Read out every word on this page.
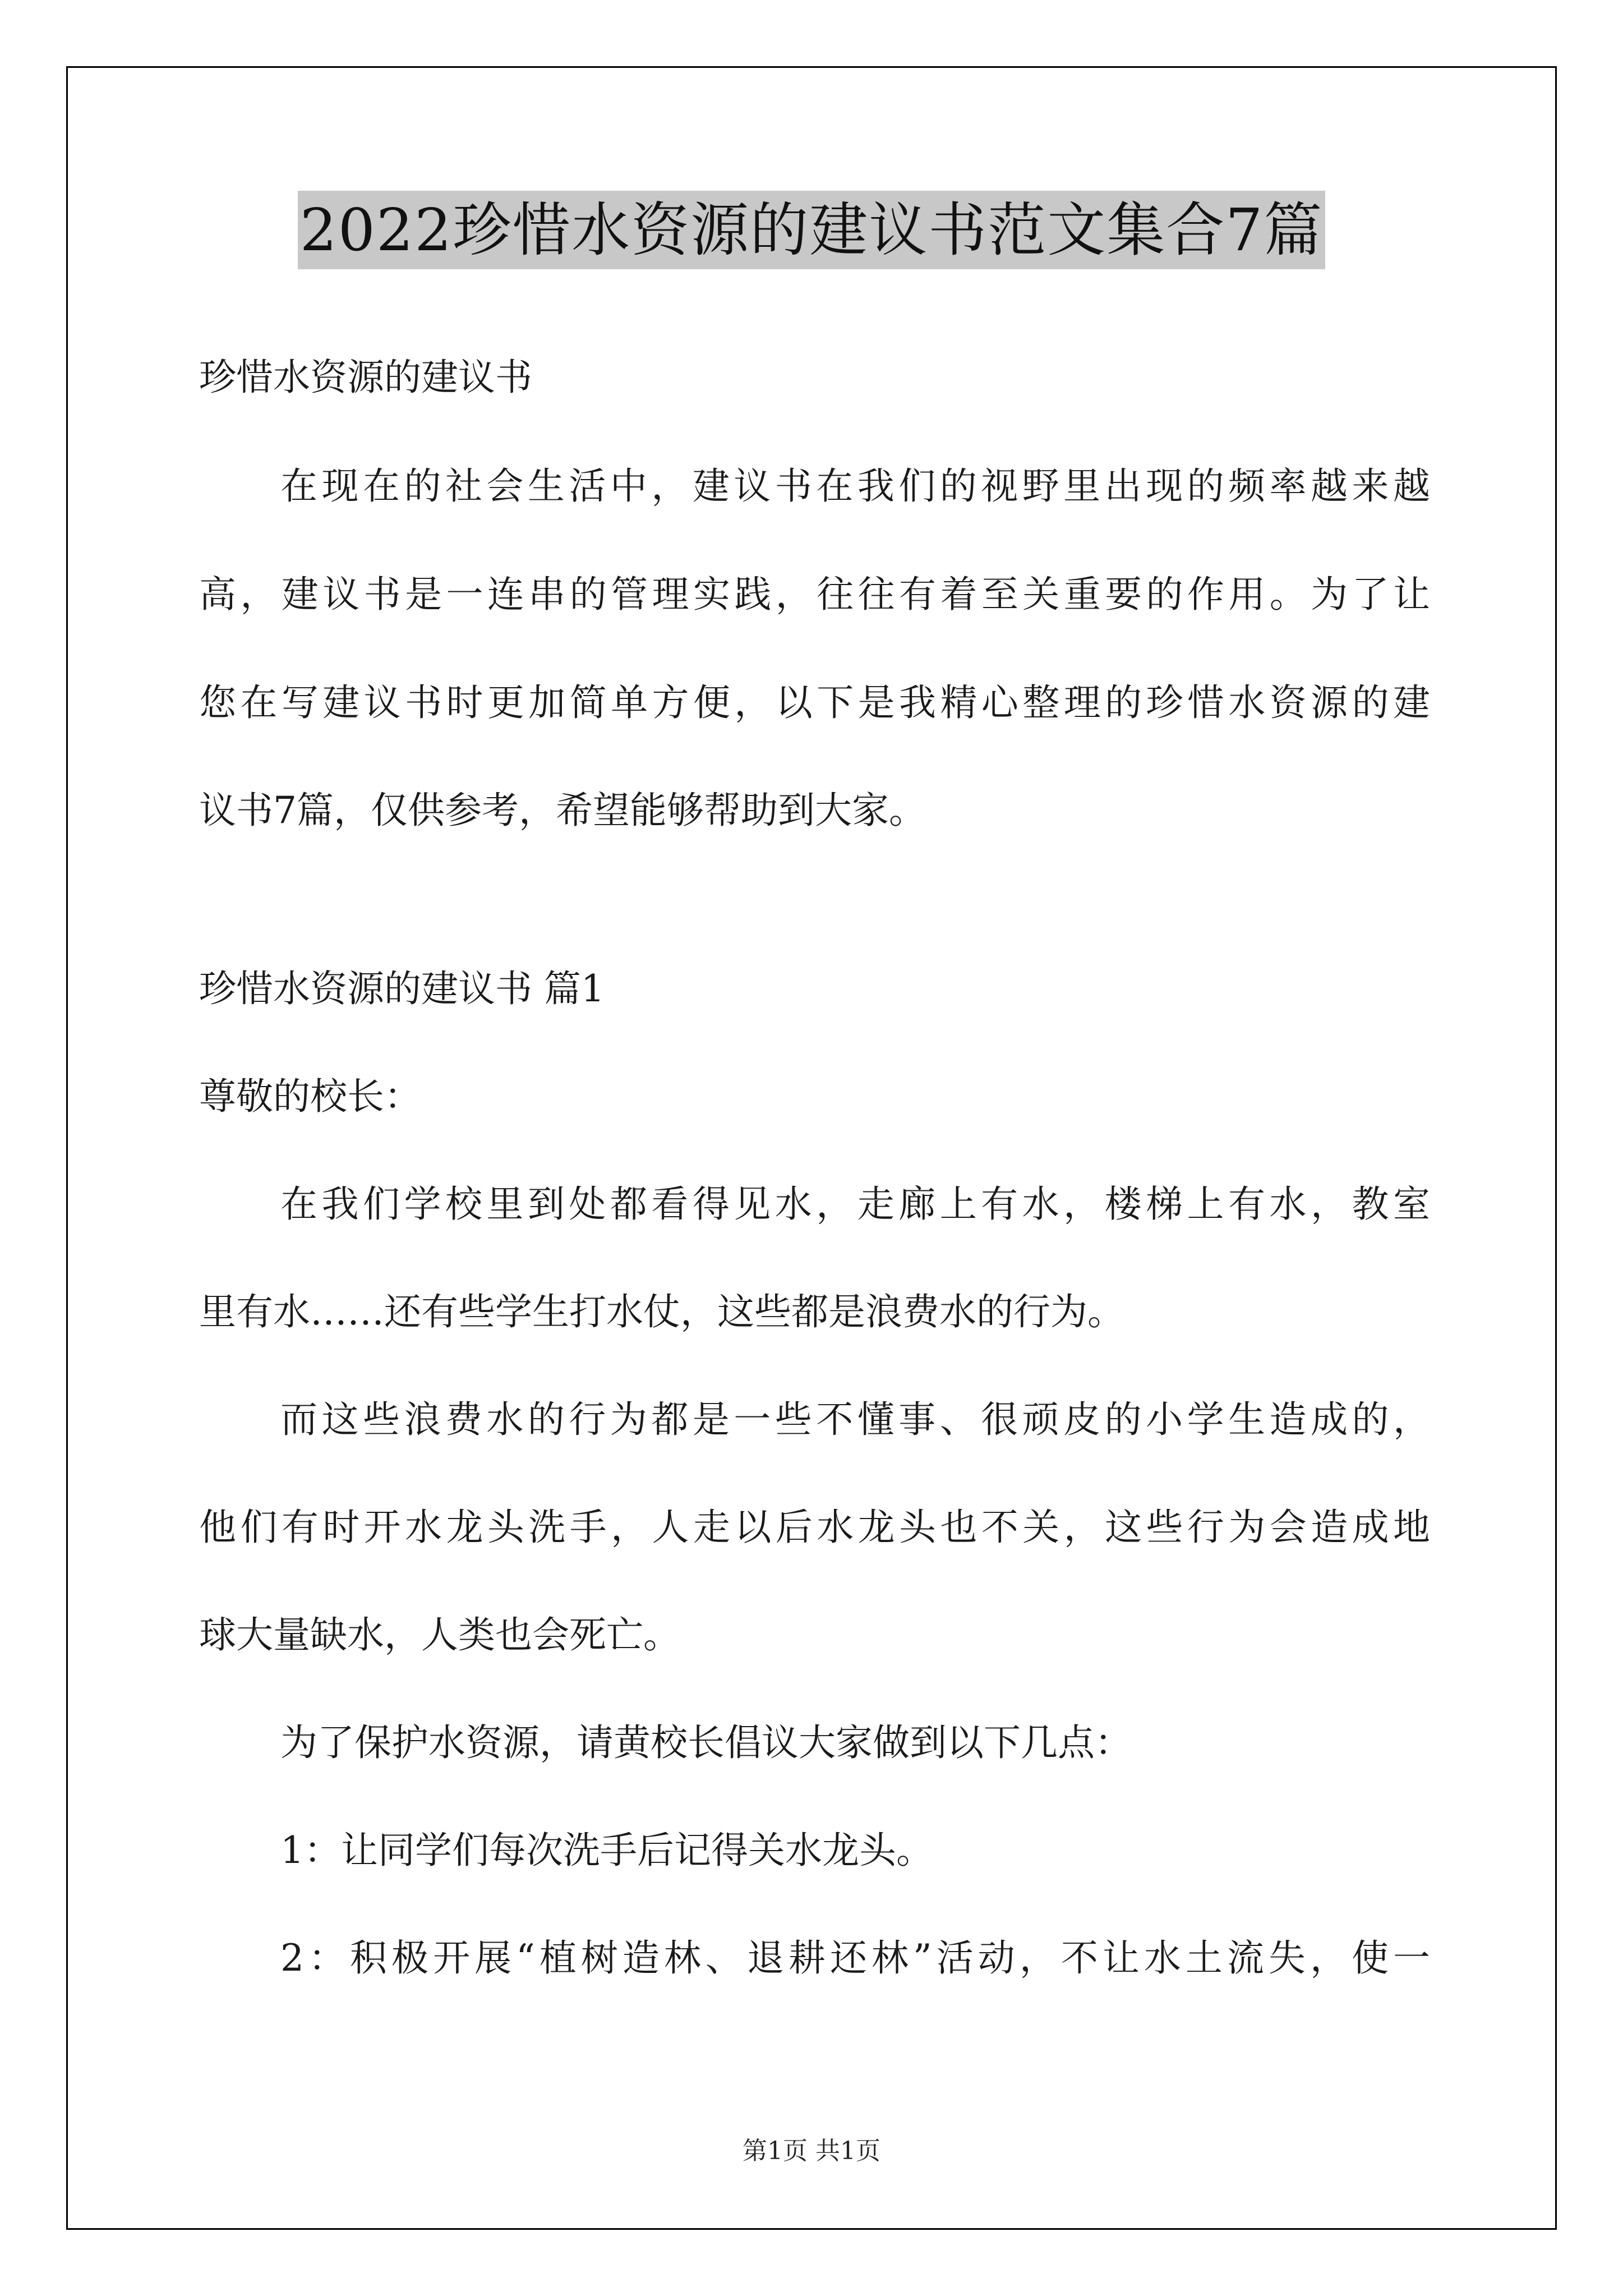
2022珍惜水资源的建议书范文集合7篇
珍惜水资源的建议书
在现在的社会生活中，建议书在我们的视野里出现的频率越来越
高，建议书是一连串的管理实践，往往有着至关重要的作用。为了让
您在写建议书时更加简单方便，以下是我精心整理的珍惜水资源的建
议书7篇，仅供参考，希望能够帮助到大家。
珍惜水资源的建议书 篇1
尊敬的校长：
在我们学校里到处都看得见水，走廊上有水，楼梯上有水，教室
里有水……还有些学生打水仗，这些都是浪费水的行为。
而这些浪费水的行为都是一些不懂事、很顽皮的小学生造成的，
他们有时开水龙头洗手，人走以后水龙头也不关，这些行为会造成地
球大量缺水，人类也会死亡。
为了保护水资源，请黄校长倡议大家做到以下几点：
1：让同学们每次洗手后记得关水龙头。
2：积极开展“植树造林、退耕还林”活动，不让水土流失，使一
第1页 共1页
